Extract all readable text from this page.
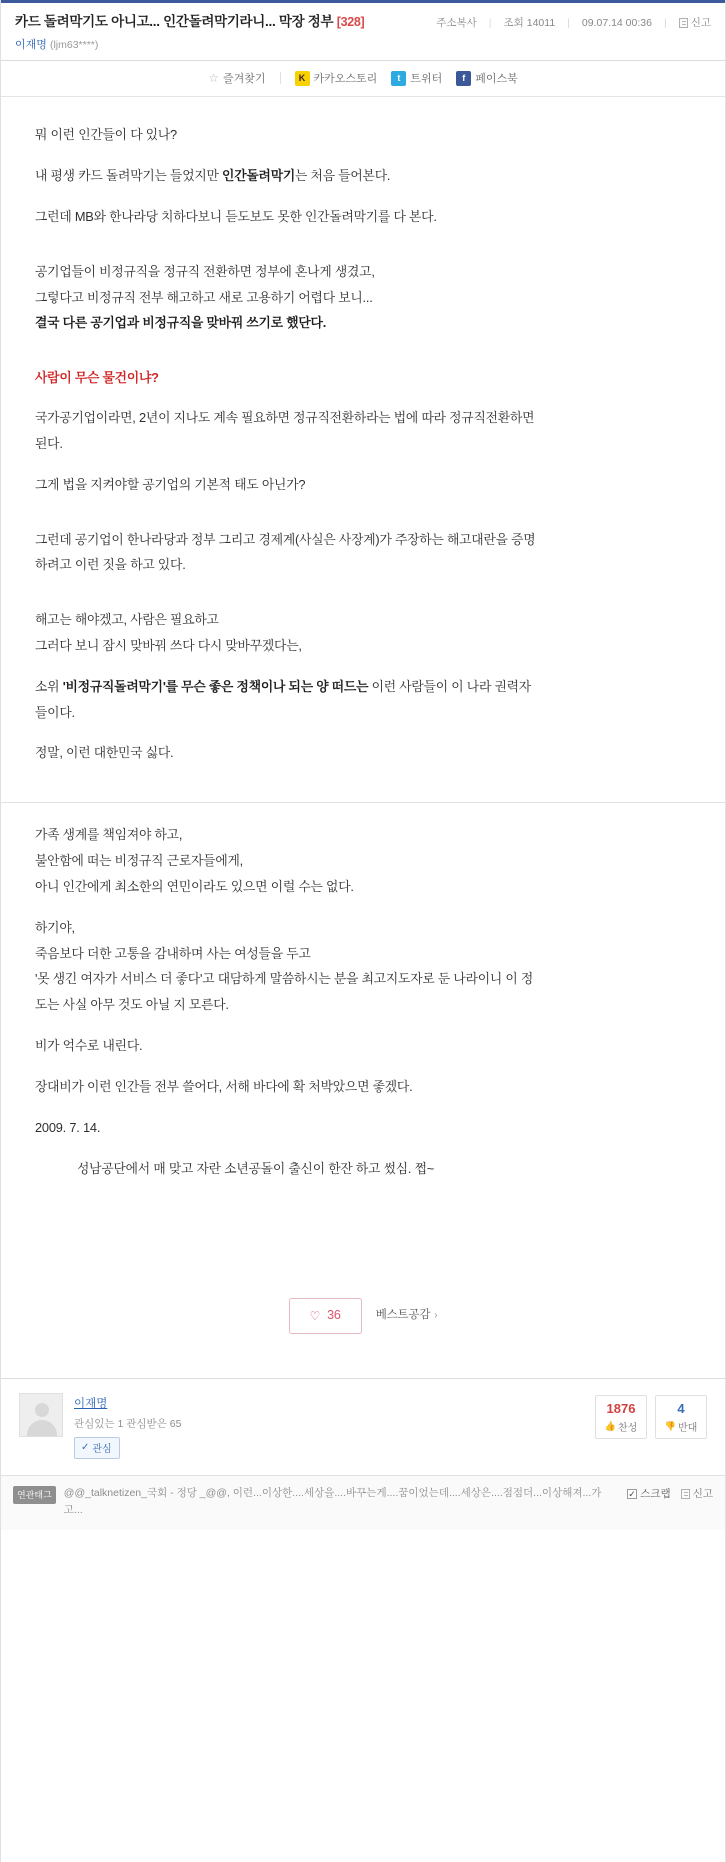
카드 돌려막기도 아니고... 인간돌려막기라니... 막장 정부 [328]	주소복사 | 조회 14011 | 09.07.14 00:36 | 신고
이재명 (ljm63****)
☆ 즐겨찾기	K 카카오스토리	t 트위터	f 페이스북

뭐 이런 인간들이 다 있나?

내 평생 카드 돌려막기는 들었지만 인간돌려막기는 처음 들어본다.

그런데 MB와 한나라당 치하다보니 듣도보도 못한 인간돌려막기를 다 본다.

공기업들이 비정규직을 정규직 전환하면 정부에 혼나게 생겼고,

그렇다고 비정규직 전부 해고하고 새로 고용하기 어렵다 보니...

결국 다른 공기업과 비정규직을 맞바꿔 쓰기로 했단다.

사람이 무슨 물건이냐?

국가공기업이라면, 2년이 지나도 계속 필요하면 정규직전환하라는 법에 따라 정규직전환하면

된다.

그게 법을 지켜야할 공기업의 기본적 태도 아닌가?

그런데 공기업이 한나라당과 정부 그리고 경제계(사실은 사장계)가 주장하는 해고대란을 증명

하려고 이런 짓을 하고 있다.

해고는 해야겠고, 사람은 필요하고

그러다 보니 잠시 맞바꿔 쓰다 다시 맞바꾸겠다는,

소위 '비정규직돌려막기'를 무슨 좋은 정책이나 되는 양 떠드는 이런 사람들이 이 나라 권력자

들이다.

정말, 이런 대한민국 싫다.

가족 생계를 책임져야 하고,

불안함에 떠는 비정규직 근로자들에게,

아니 인간에게 최소한의 연민이라도 있으면 이럴 수는 없다.

하기야,

죽음보다 더한 고통을 감내하며 사는 여성들을 두고

'못 생긴 여자가 서비스 더 좋다'고 대담하게 말씀하시는 분을 최고지도자로 둔 나라이니 이 정

도는 사실 아무 것도 아닐 지 모른다.

비가 억수로 내린다.

장대비가 이런 인간들 전부 쓸어다, 서해 바다에 확 처박았으면 좋겠다.

2009. 7. 14.

성남공단에서 매 맞고 자란 소년공돌이 출신이 한잔 하고 썼심. 쩝~

♡ 36	베스트공감 ›
이재명
관심있는 1 관심받은 65
✓ 관심
1876
👍 찬성
4
👎 반대
연관태그	@@_talknetizen_국회 - 정당 _@@, 이런...이상한....세상을....바꾸는게....꿈이었는데....세상은....점점더...이상해져...가고...
✓
스크랩 신고
